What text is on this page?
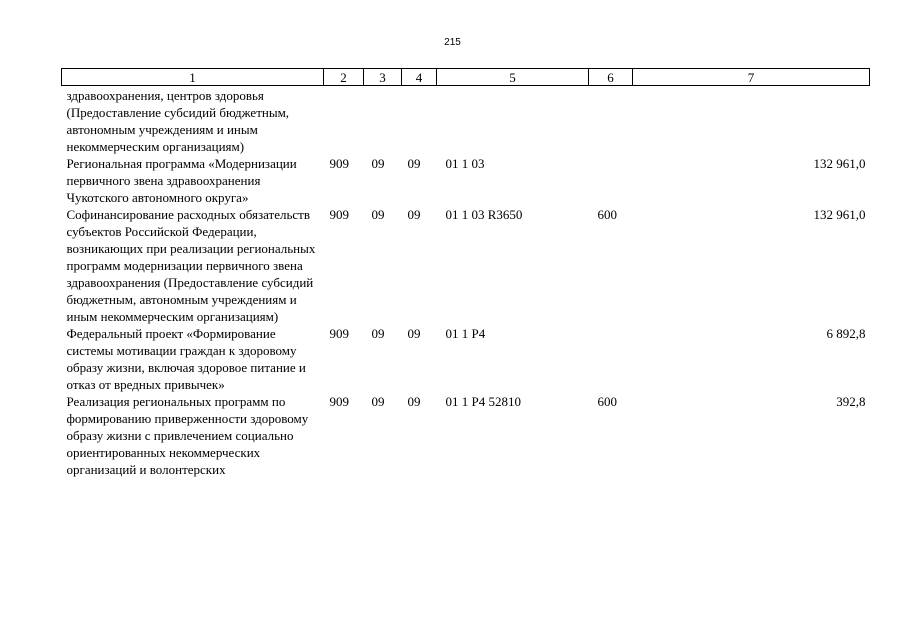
215
1	2	3	4	5	6	7
здравоохранения, центров здоровья (Предоставление субсидий бюджетным, автономным учреждениям и иным некоммерческим организациям)						
Региональная программа «Модернизации первичного звена здравоохранения Чукотского автономного округа»	909	09	09	01 1 03		132 961,0
Софинансирование расходных обязательств субъектов Российской Федерации, возникающих при реализации региональных программ модернизации первичного звена здравоохранения (Предоставление субсидий бюджетным, автономным учреждениям и иным некоммерческим организациям)	909	09	09	01 1 03 R3650	600	132 961,0
Федеральный проект «Формирование системы мотивации граждан к здоровому образу жизни, включая здоровое питание и отказ от вредных привычек»	909	09	09	01 1 P4		6 892,8
Реализация региональных программ по формированию приверженности здоровому образу жизни с привлечением социально ориентированных некоммерческих организаций и волонтерских	909	09	09	01 1 P4 52810	600	392,8
